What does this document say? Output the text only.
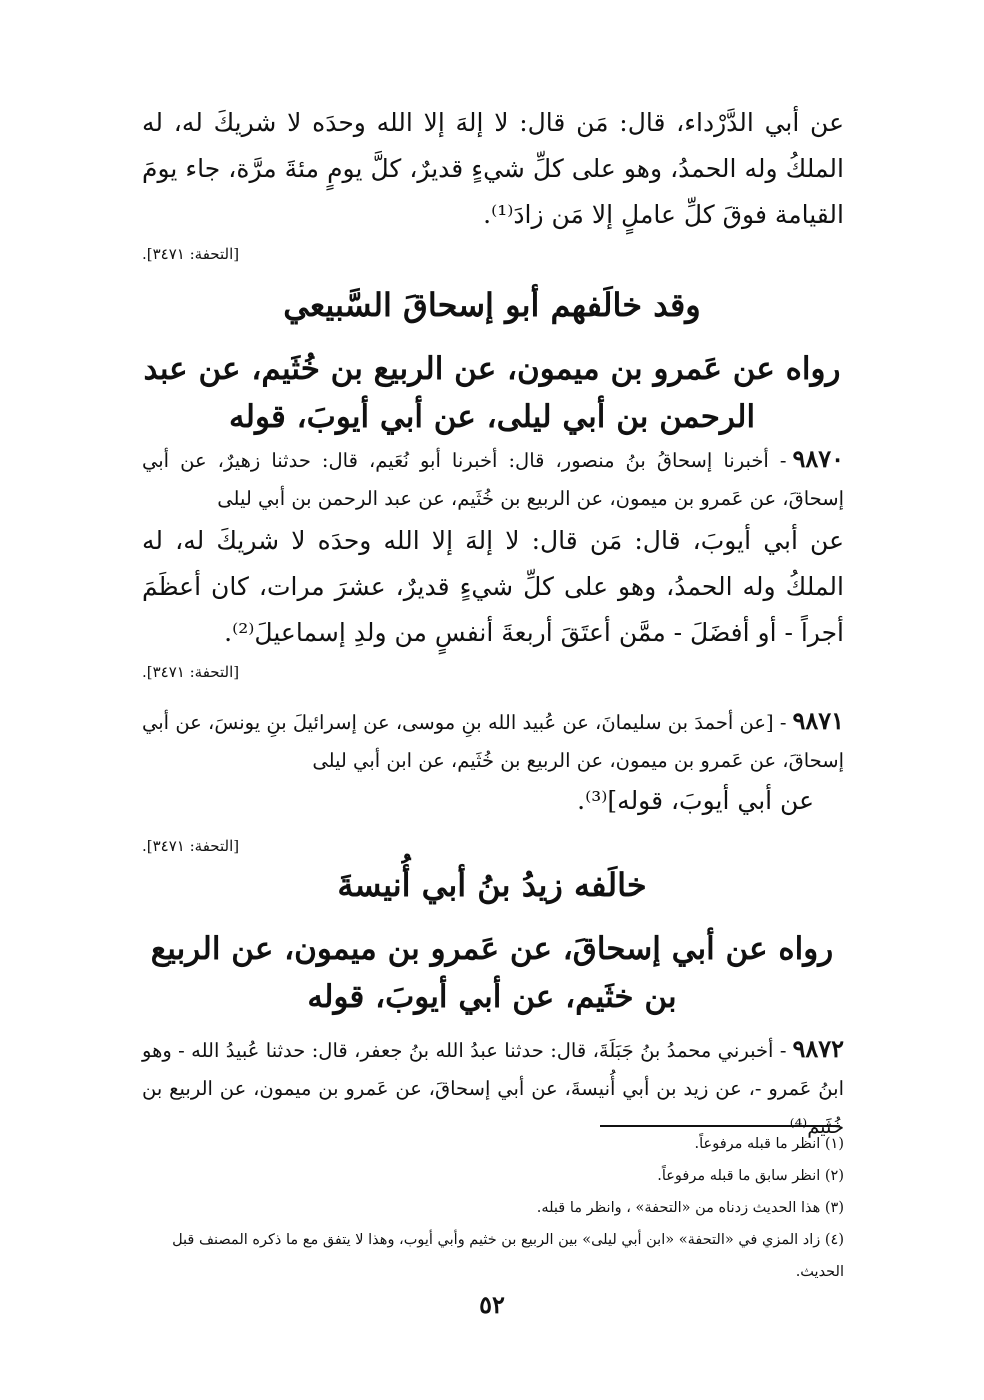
عن أبي الدَّرْداء، قال: مَن قال: لا إلهَ إلا الله وحدَه لا شريكَ له، له الملكُ وله الحمدُ، وهو على كلِّ شيءٍ قديرٌ، كلَّ يومٍ مئةَ مرَّة، جاء يومَ القيامة فوقَ كلِّ عاملٍ إلا مَن زادَ⁽¹⁾.
[التحفة: ٣٤٧١].
وقد خالَفهم أبو إسحاقَ السَّبيعي
رواه عن عَمرو بن ميمون، عن الربيع بن خُثَيم، عن عبد الرحمن بن أبي ليلى، عن أبي أيوبَ، قوله
٩٨٧٠- أخبرنا إسحاقُ بنُ منصور، قال: أخبرنا أبو نُعَيم، قال: حدثنا زهيرٌ، عن أبي إسحاقَ، عن عَمرو بن ميمون، عن الربيع بن خُثَيم، عن عبد الرحمن بن أبي ليلى
عن أبي أيوبَ، قال: مَن قال: لا إلهَ إلا الله وحدَه لا شريكَ له، له الملكُ وله الحمدُ، وهو على كلِّ شيءٍ قديرٌ، عشرَ مرات، كان أعظَمَ أجراً - أو أفضَلَ - ممَّن أعتَقَ أربعةَ أنفسٍ من ولدِ إسماعيلَ⁽²⁾.
[التحفة: ٣٤٧١].
٩٨٧١- [عن أحمدَ بن سليمانَ، عن عُبيد الله بنِ موسى، عن إسرائيلَ بنِ يونسَ، عن أبي إسحاقَ، عن عَمرو بن ميمون، عن الربيع بن خُثَيم، عن ابن أبي ليلى
عن أبي أيوبَ، قوله]⁽³⁾.
[التحفة: ٣٤٧١].
خالَفه زيدُ بنُ أبي أُنيسةَ
رواه عن أبي إسحاقَ، عن عَمرو بن ميمون، عن الربيع بن خثَيم، عن أبي أيوبَ، قوله
٩٨٧٢- أخبرني محمدُ بنُ جَبَلَةَ، قال: حدثنا عبدُ الله بنُ جعفر، قال: حدثنا عُبيدُ الله - وهو ابنُ عَمرو -، عن زيد بن أبي أُنيسةَ، عن أبي إسحاقَ، عن عَمرو بن ميمون، عن الربيع بن خُثَيم⁽⁴⁾
(١) انظر ما قبله مرفوعاً.
(٢) انظر سابق ما قبله مرفوعاً.
(٣) هذا الحديث زدناه من «التحفة» ، وانظر ما قبله.
(٤) زاد المزي في «التحفة» «ابن أبي ليلى» بين الربيع بن خثيم وأبي أيوب، وهذا لا يتفق مع ما ذكره المصنف قبل الحديث.
٥٢
